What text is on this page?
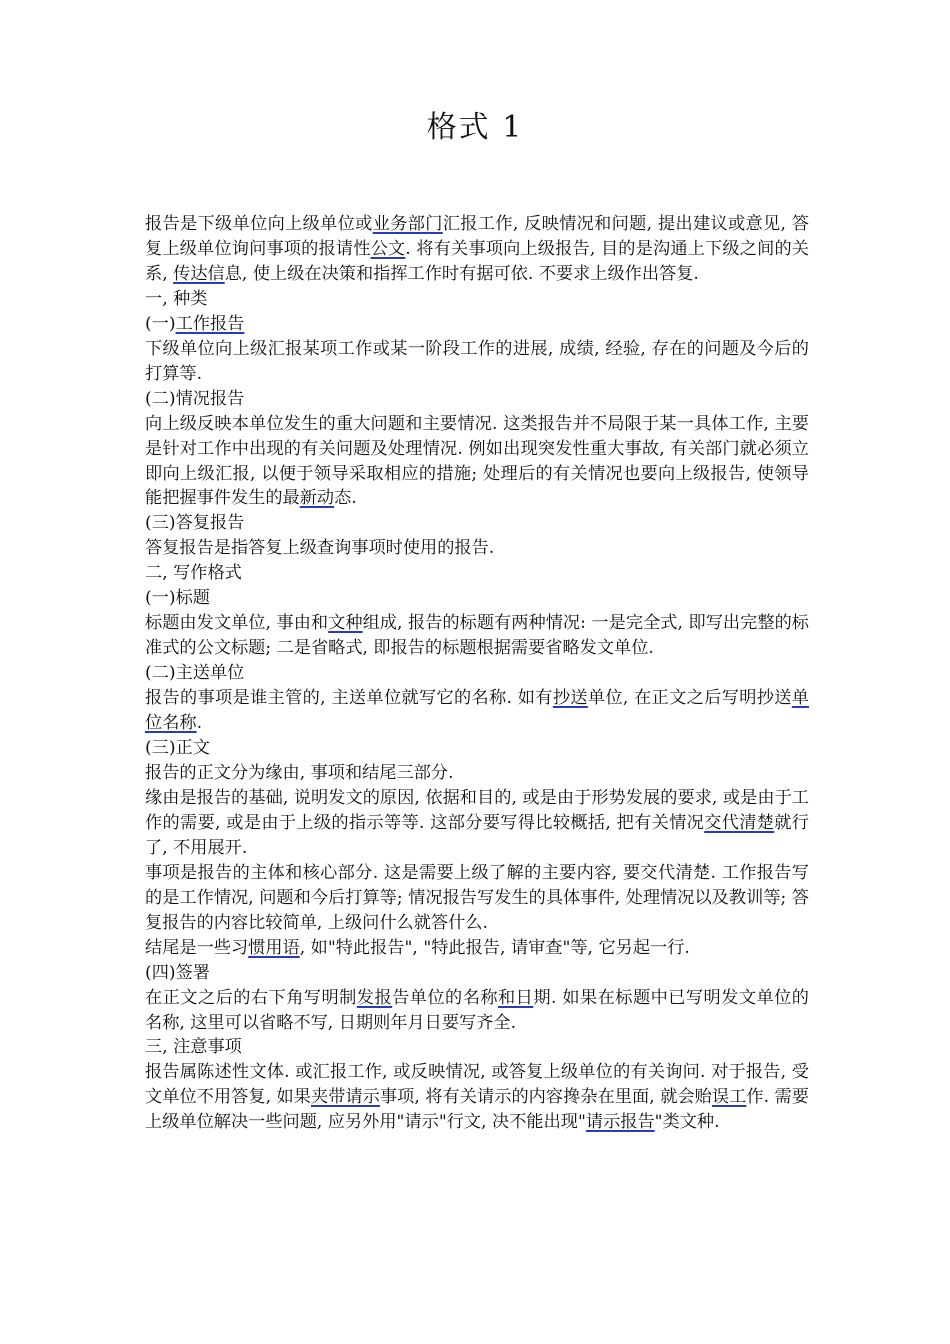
格式 1

报告是下级单位向上级单位或业务部门汇报工作, 反映情况和问题, 提出建议或意见, 答复上级单位询问事项的报请性公文. 将有关事项向上级报告, 目的是沟通上下级之间的关系, 传达信息, 使上级在决策和指挥工作时有据可依. 不要求上级作出答复.

一, 种类

(一)工作报告

下级单位向上级汇报某项工作或某一阶段工作的进展, 成绩, 经验, 存在的问题及今后的打算等.

(二)情况报告

向上级反映本单位发生的重大问题和主要情况. 这类报告并不局限于某一具体工作, 主要是针对工作中出现的有关问题及处理情况. 例如出现突发性重大事故, 有关部门就必须立即向上级汇报, 以便于领导采取相应的措施; 处理后的有关情况也要向上级报告, 使领导能把握事件发生的最新动态.

(三)答复报告

答复报告是指答复上级查询事项时使用的报告.

二, 写作格式

(一)标题

标题由发文单位, 事由和文种组成, 报告的标题有两种情况: 一是完全式, 即写出完整的标准式的公文标题; 二是省略式, 即报告的标题根据需要省略发文单位.

(二)主送单位

报告的事项是谁主管的, 主送单位就写它的名称. 如有抄送单位, 在正文之后写明抄送单位名称.

(三)正文

报告的正文分为缘由, 事项和结尾三部分.

缘由是报告的基础, 说明发文的原因, 依据和目的, 或是由于形势发展的要求, 或是由于工作的需要, 或是由于上级的指示等等. 这部分要写得比较概括, 把有关情况交代清楚就行了, 不用展开.

事项是报告的主体和核心部分. 这是需要上级了解的主要内容, 要交代清楚. 工作报告写的是工作情况, 问题和今后打算等; 情况报告写发生的具体事件, 处理情况以及教训等; 答复报告的内容比较简单, 上级问什么就答什么.

结尾是一些习惯用语, 如"特此报告", "特此报告, 请审查"等, 它另起一行.

(四)签署

在正文之后的右下角写明制发报告单位的名称和日期. 如果在标题中已写明发文单位的名称, 这里可以省略不写, 日期则年月日要写齐全.

三, 注意事项

报告属陈述性文体. 或汇报工作, 或反映情况, 或答复上级单位的有关询问. 对于报告, 受文单位不用答复, 如果夹带请示事项, 将有关请示的内容搀杂在里面, 就会贻误工作. 需要上级单位解决一些问题, 应另外用"请示"行文, 决不能出现"请示报告"类文种.
